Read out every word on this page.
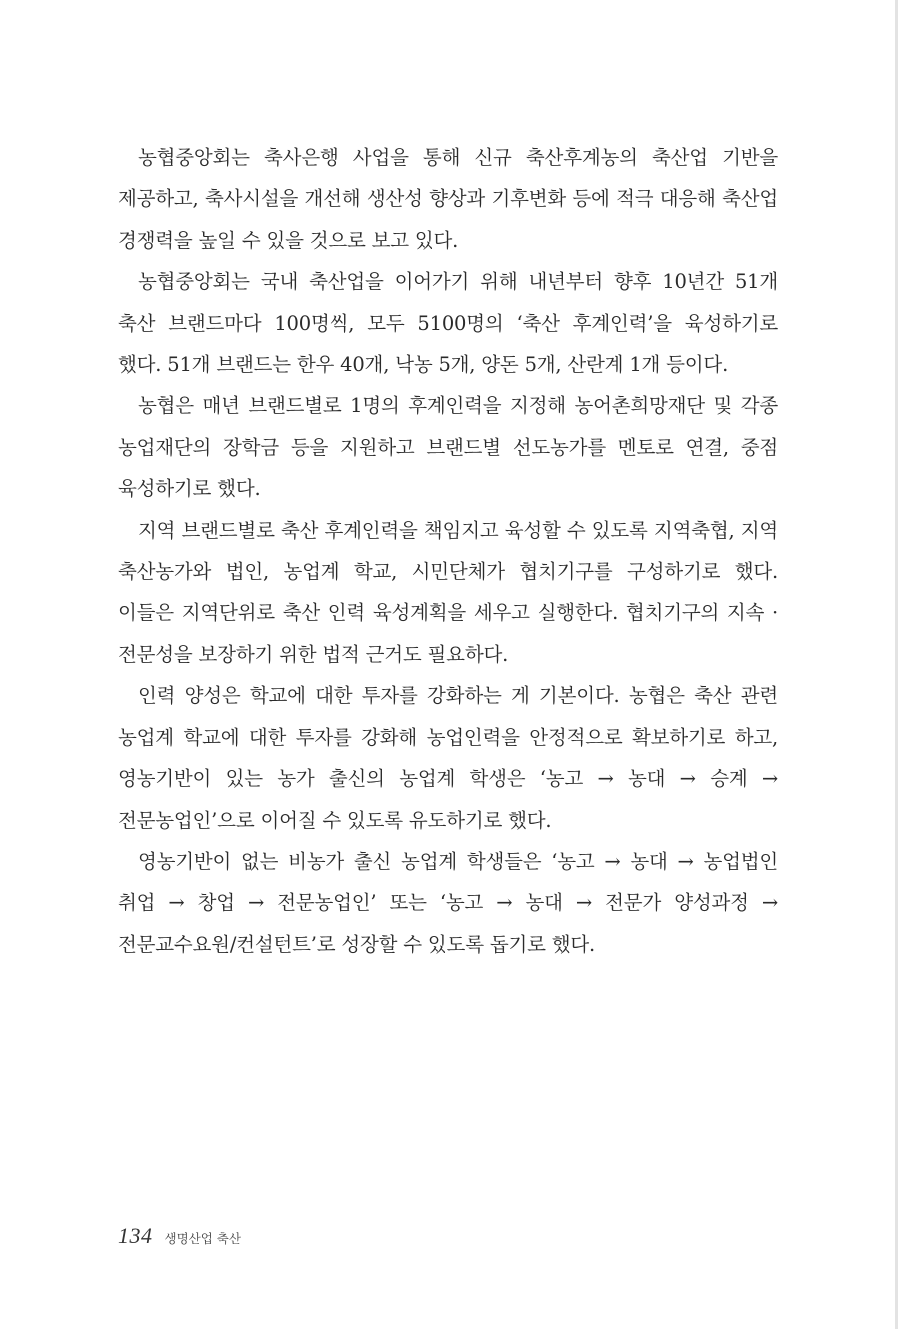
농협중앙회는 축사은행 사업을 통해 신규 축산후계농의 축산업 기반을 제공하고, 축사시설을 개선해 생산성 향상과 기후변화 등에 적극 대응해 축산업 경쟁력을 높일 수 있을 것으로 보고 있다.

농협중앙회는 국내 축산업을 이어가기 위해 내년부터 향후 10년간 51개 축산 브랜드마다 100명씩, 모두 5100명의 ‘축산 후계인력’을 육성하기로 했다. 51개 브랜드는 한우 40개, 낙농 5개, 양돈 5개, 산란계 1개 등이다.

농협은 매년 브랜드별로 1명의 후계인력을 지정해 농어촌희망재단 및 각종 농업재단의 장학금 등을 지원하고 브랜드별 선도농가를 멘토로 연결, 중점 육성하기로 했다.

지역 브랜드별로 축산 후계인력을 책임지고 육성할 수 있도록 지역축협, 지역 축산농가와 법인, 농업계 학교, 시민단체가 협치기구를 구성하기로 했다. 이들은 지역단위로 축산 인력 육성계획을 세우고 실행한다. 협치기구의 지속 · 전문성을 보장하기 위한 법적 근거도 필요하다.

인력 양성은 학교에 대한 투자를 강화하는 게 기본이다. 농협은 축산 관련 농업계 학교에 대한 투자를 강화해 농업인력을 안정적으로 확보하기로 하고, 영농기반이 있는 농가 출신의 농업계 학생은 ‘농고 → 농대 → 승계 → 전문농업인’으로 이어질 수 있도록 유도하기로 했다.

영농기반이 없는 비농가 출신 농업계 학생들은 ‘농고 → 농대 → 농업법인 취업 → 창업 → 전문농업인’ 또는 ‘농고 → 농대 → 전문가 양성과정 → 전문교수요원/컨설턴트’로 성장할 수 있도록 돕기로 했다.

134 생명산업 축산
